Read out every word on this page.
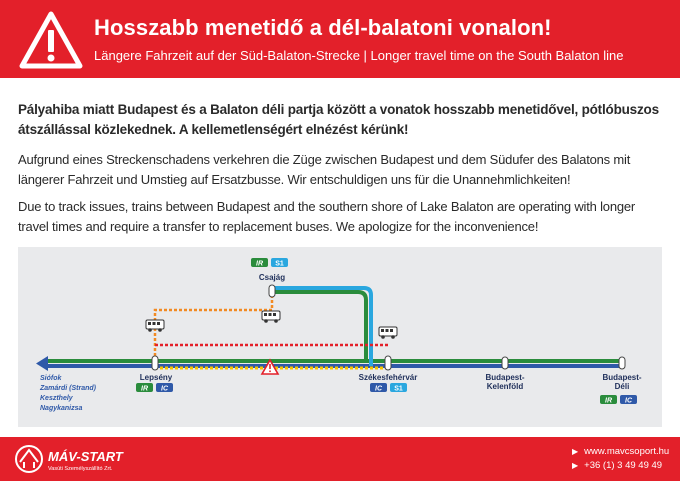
Hosszabb menetidő a dél-balatoni vonalon!
Längere Fahrzeit auf der Süd-Balaton-Strecke | Longer travel time on the South Balaton line
Pályahiba miatt Budapest és a Balaton déli partja között a vonatok hosszabb menetidővel, pótlóbuszos átszállással közlekednek. A kellemetlenségért elnézést kérünk!
Aufgrund eines Streckenschadens verkehren die Züge zwischen Budapest und dem Südufer des Balatons mit längerer Fahrzeit und Umstieg auf Ersatzbusse. Wir entschuldigen uns für die Unannehmlichkeiten!
Due to track issues, trains between Budapest and the southern shore of Lake Balaton are operating with longer travel times and require a transfer to replacement buses. We apologize for the inconvenience!
IR S1
IR IC	IC S1
IR IC
Csajág
Lepsény	Székesfehérvár	Budapest-
Kelenföld
Budapest-
Déli
Siófok
Zamárdi (Strand)
Keszthely
Nagykanizsa
MÁV-START
Vasúti Személyszállító Zrt.
▶ www.mavcsoport.hu
▶ +36 (1) 3 49 49 49
